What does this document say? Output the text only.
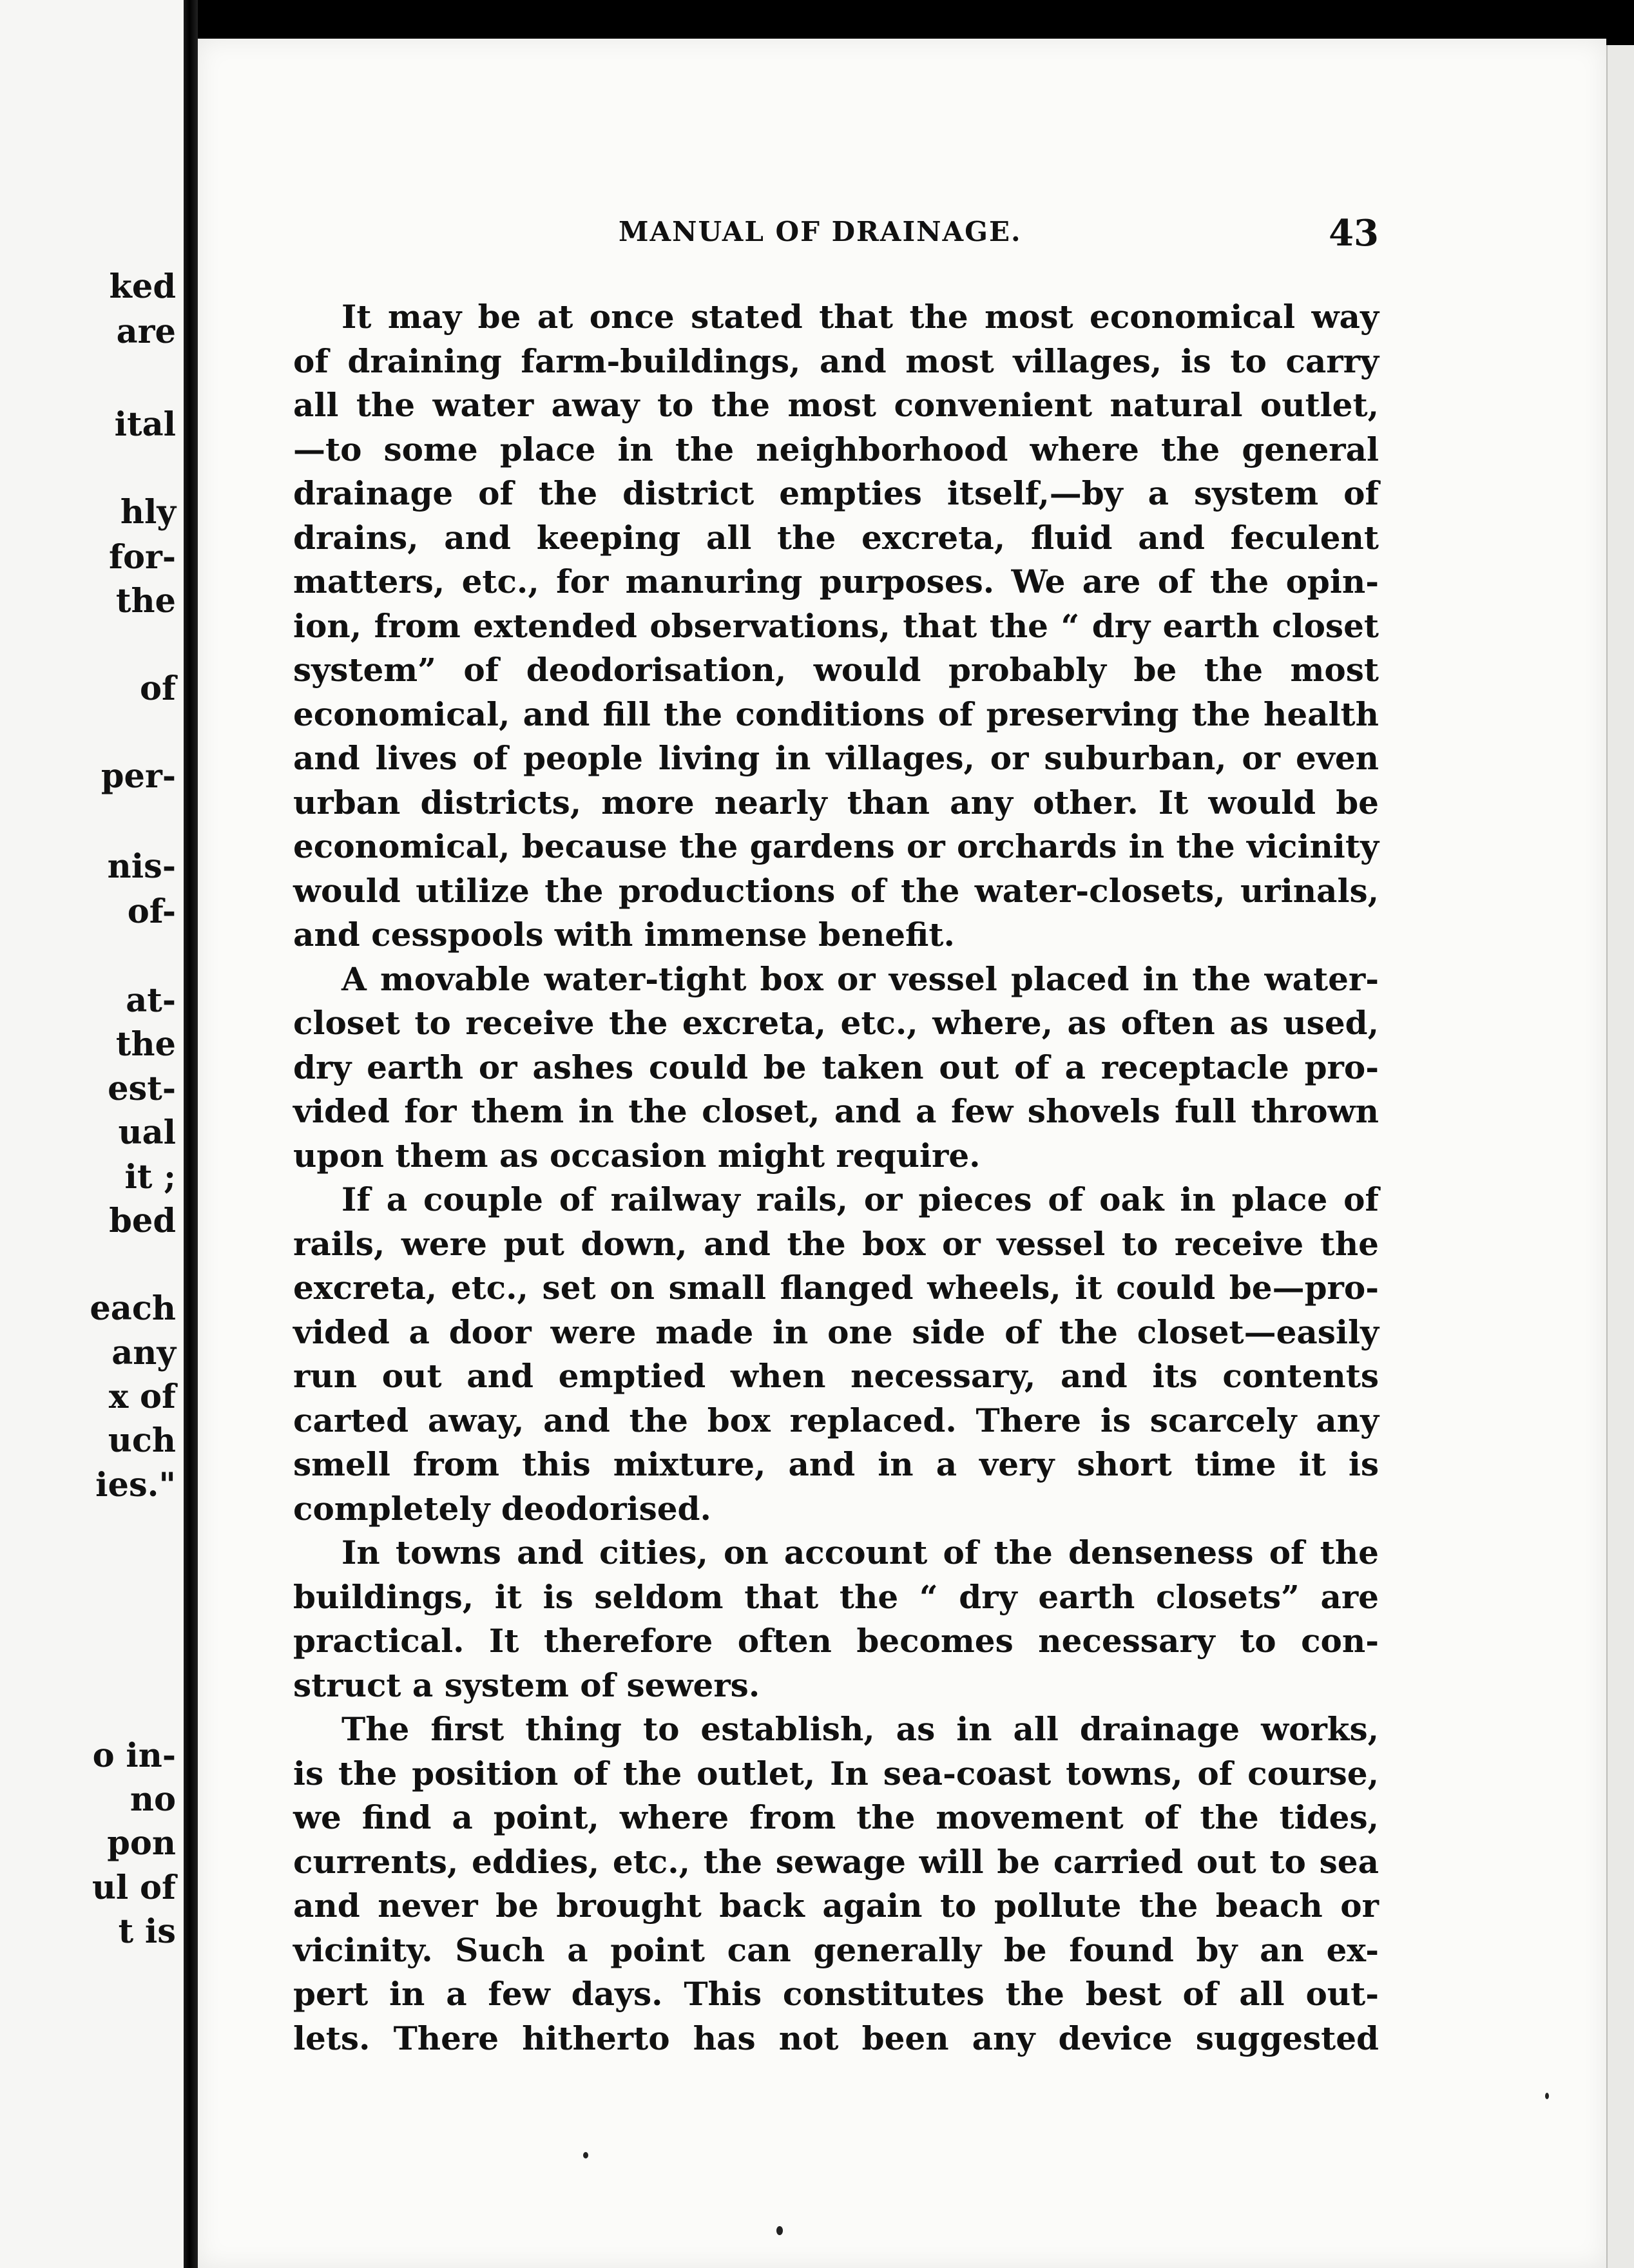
ked
are
ital
hly
for-
the
of
per-
nis-
of-
at-
the
est-
ual
it ;
bed
each
any
x of
uch
ies."
o in-
no
pon
ul of
t is
MANUAL OF DRAINAGE.	43
It may be at once stated that the most economical way
of draining farm-buildings, and most villages, is to carry
all the water away to the most convenient natural outlet,
—to some place in the neighborhood where the general
drainage of the district empties itself,—by a system of
drains, and keeping all the excreta, fluid and feculent
matters, etc., for manuring purposes. We are of the opin-
ion, from extended observations, that the “ dry earth closet
system” of deodorisation, would probably be the most
economical, and fill the conditions of preserving the health
and lives of people living in villages, or suburban, or even
urban districts, more nearly than any other. It would be
economical, because the gardens or orchards in the vicinity
would utilize the productions of the water-closets, urinals,
and cesspools with immense benefit.
A movable water-tight box or vessel placed in the water-
closet to receive the excreta, etc., where, as often as used,
dry earth or ashes could be taken out of a receptacle pro-
vided for them in the closet, and a few shovels full thrown
upon them as occasion might require.
If a couple of railway rails, or pieces of oak in place of
rails, were put down, and the box or vessel to receive the
excreta, etc., set on small flanged wheels, it could be—pro-
vided a door were made in one side of the closet—easily
run out and emptied when necessary, and its contents
carted away, and the box replaced. There is scarcely any
smell from this mixture, and in a very short time it is
completely deodorised.
In towns and cities, on account of the denseness of the
buildings, it is seldom that the “ dry earth closets” are
practical. It therefore often becomes necessary to con-
struct a system of sewers.
The first thing to establish, as in all drainage works,
is the position of the outlet, In sea-coast towns, of course,
we find a point, where from the movement of the tides,
currents, eddies, etc., the sewage will be carried out to sea
and never be brought back again to pollute the beach or
vicinity. Such a point can generally be found by an ex-
pert in a few days. This constitutes the best of all out-
lets. There hitherto has not been any device suggested
